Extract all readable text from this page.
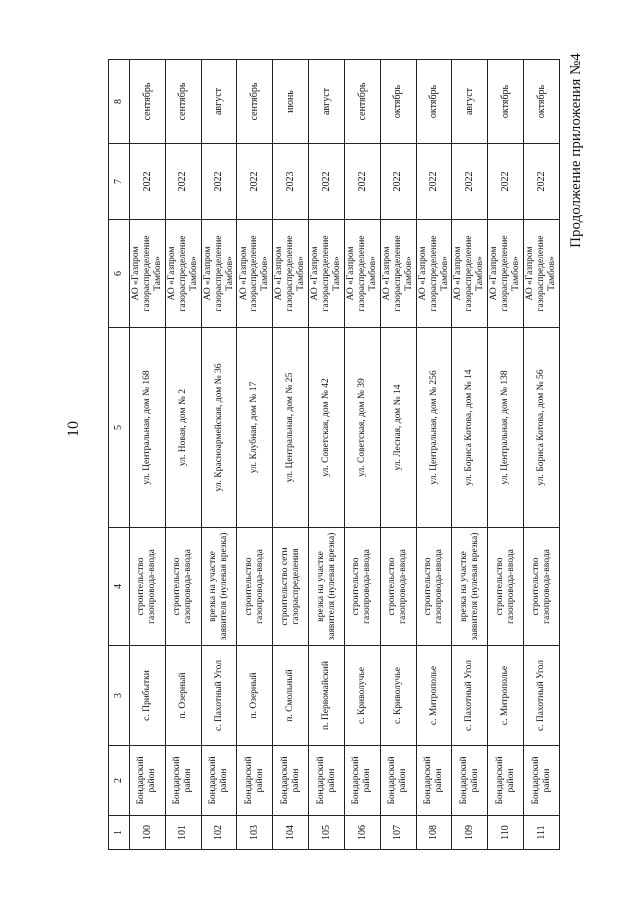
10
Продолжение приложения №4
1	2	3	4	5	6	7	8
100	Бондарский район	с. Прибытки	строительство газопровода-ввода	ул. Центральная, дом № 168	АО «Газпром газораспределение Тамбов»	2022	сентябрь
101	Бондарский район	п. Озерный	строительство газопровода-ввода	ул. Новая, дом № 2	АО «Газпром газораспределение Тамбов»	2022	сентябрь
102	Бондарский район	с. Пахотный Угол	врезка на участке заявителя (нулевая врезка)	ул. Красноармейская, дом № 36	АО «Газпром газораспределение Тамбов»	2022	август
103	Бондарский район	п. Озерный	строительство газопровода-ввода	ул. Клубная, дом № 17	АО «Газпром газораспределение Тамбов»	2022	сентябрь
104	Бондарский район	п. Смольный	строительство сети газораспределения	ул. Центральная, дом № 25	АО «Газпром газораспределение Тамбов»	2023	июнь
105	Бондарский район	п. Первомайский	врезка на участке заявителя (нулевая врезка)	ул. Советская, дом № 42	АО «Газпром газораспределение Тамбов»	2022	август
106	Бондарский район	с. Криволучье	строительство газопровода-ввода	ул. Советская, дом № 39	АО «Газпром газораспределение Тамбов»	2022	сентябрь
107	Бондарский район	с. Криволучье	строительство газопровода-ввода	ул. Лесная, дом № 14	АО «Газпром газораспределение Тамбов»	2022	октябрь
108	Бондарский район	с. Митрополье	строительство газопровода-ввода	ул. Центральная, дом № 256	АО «Газпром газораспределение Тамбов»	2022	октябрь
109	Бондарский район	с. Пахотный Угол	врезка на участке заявителя (нулевая врезка)	ул. Бориса Котова, дом № 14	АО «Газпром газораспределение Тамбов»	2022	август
110	Бондарский район	с. Митрополье	строительство газопровода-ввода	ул. Центральная, дом № 138	АО «Газпром газораспределение Тамбов»	2022	октябрь
111	Бондарский район	с. Пахотный Угол	строительство газопровода-ввода	ул. Бориса Котова, дом № 56	АО «Газпром газораспределение Тамбов»	2022	октябрь
